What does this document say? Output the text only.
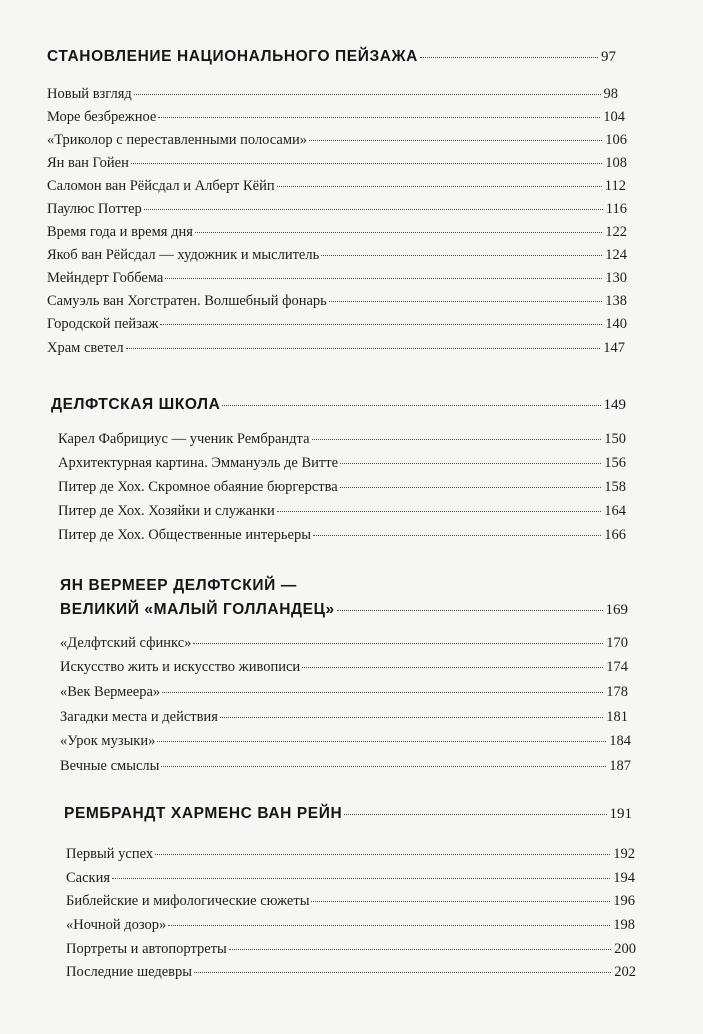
СТАНОВЛЕНИЕ НАЦИОНАЛЬНОГО ПЕЙЗАЖА	97
Новый взгляд	98
Море безбрежное	104
«Триколор с переставленными полосами»	106
Ян ван Гойен	108
Саломон ван Рёйсдал и Алберт Кёйп	112
Паулюс Поттер	116
Время года и время дня	122
Якоб ван Рёйсдал — художник и мыслитель	124
Мейндерт Гоббема	130
Самуэль ван Хогстратен. Волшебный фонарь	138
Городской пейзаж	140
Храм светел	147
ДЕЛФТСКАЯ ШКОЛА	149
Карел Фабрициус — ученик Рембрандта	150
Архитектурная картина. Эммануэль де Витте	156
Питер де Хох. Скромное обаяние бюргерства	158
Питер де Хох. Хозяйки и служанки	164
Питер де Хох. Общественные интерьеры	166
ЯН ВЕРМЕЕР ДЕЛФТСКИЙ —
ВЕЛИКИЙ «МАЛЫЙ ГОЛЛАНДЕЦ»	169
«Делфтский сфинкс»	170
Искусство жить и искусство живописи	174
«Век Вермеера»	178
Загадки места и действия	181
«Урок музыки»	184
Вечные смыслы	187
РЕМБРАНДТ ХАРМЕНС ВАН РЕЙН	191
Первый успех	192
Саския	194
Библейские и мифологические сюжеты	196
«Ночной дозор»	198
Портреты и автопортреты	200
Последние шедевры	202
